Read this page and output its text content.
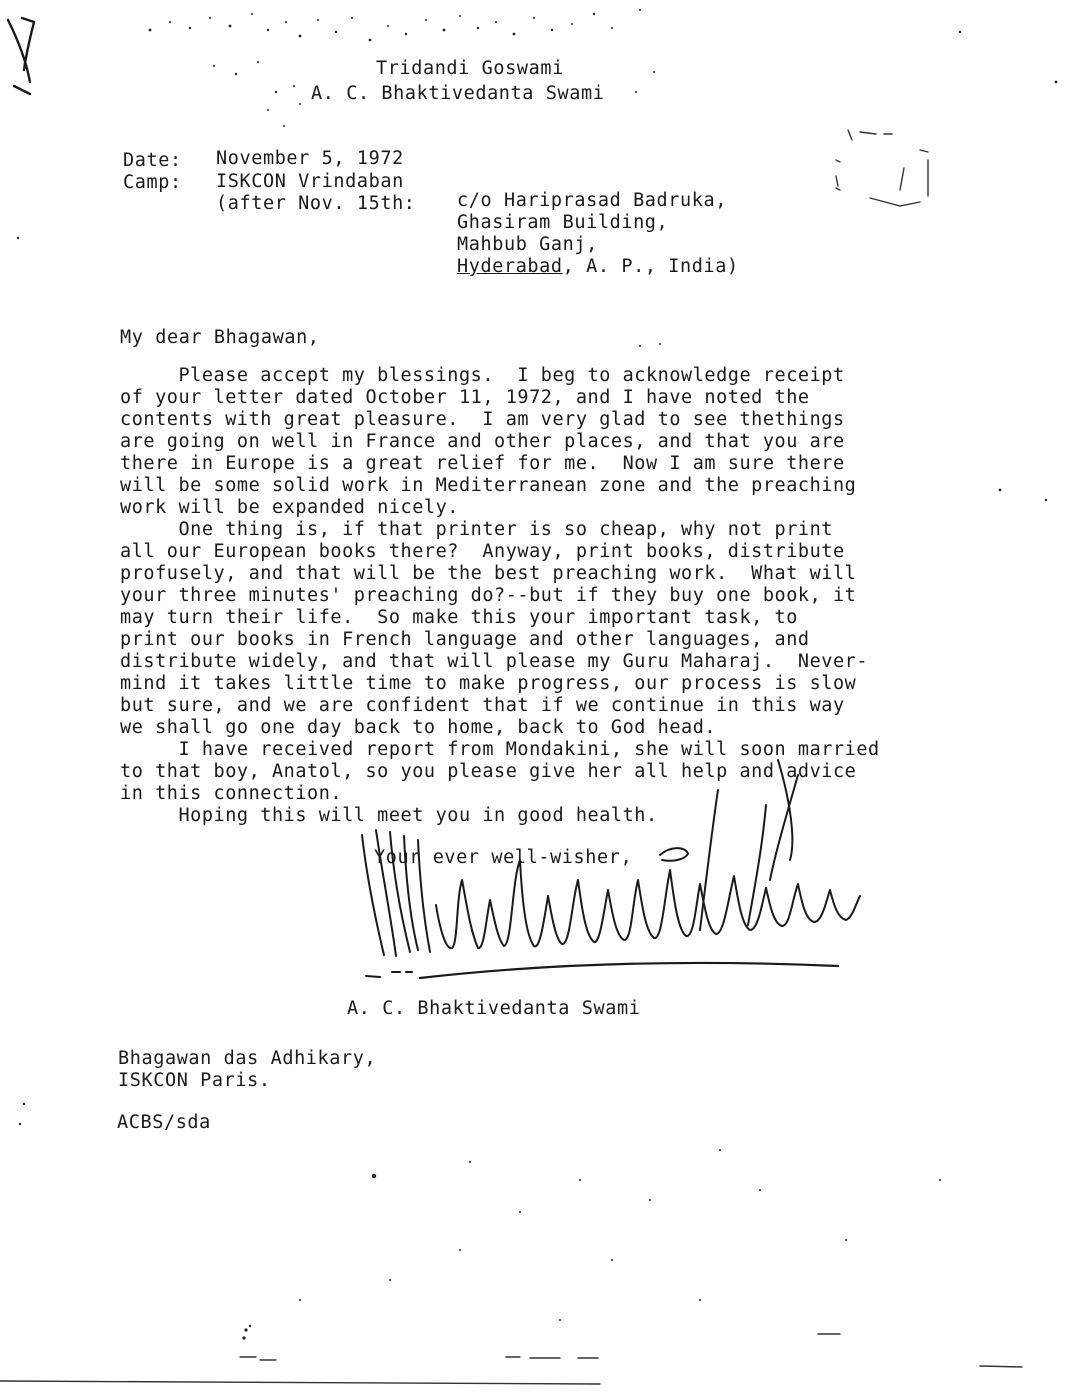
Tridandi Goswami
A. C. Bhaktivedanta Swami
Date: November 5, 1972
Camp: ISKCON Vrindaban
(after Nov. 15th: c/o Hariprasad Badruka,
Ghasiram Building,
Mahbub Ganj,
Hyderabad, A. P., India)
My dear Bhagawan,
Please accept my blessings.  I beg to acknowledge receipt
of your letter dated October 11, 1972, and I have noted the
contents with great pleasure.  I am very glad to see thethings
are going on well in France and other places, and that you are
there in Europe is a great relief for me.  Now I am sure there
will be some solid work in Mediterranean zone and the preaching
work will be expanded nicely.
One thing is, if that printer is so cheap, why not print
all our European books there?  Anyway, print books, distribute
profusely, and that will be the best preaching work.  What will
your three minutes' preaching do?--but if they buy one book, it
may turn their life.  So make this your important task, to
print our books in French language and other languages, and
distribute widely, and that will please my Guru Maharaj.  Never-
mind it takes little time to make progress, our process is slow
but sure, and we are confident that if we continue in this way
we shall go one day back to home, back to God head.
I have received report from Mondakini, she will soon married
to that boy, Anatol, so you please give her all help and advice
in this connection.
Hoping this will meet you in good health.
Your ever well-wisher,
A. C. Bhaktivedanta Swami
Bhagawan das Adhikary,
ISKCON Paris.
ACBS/sda
